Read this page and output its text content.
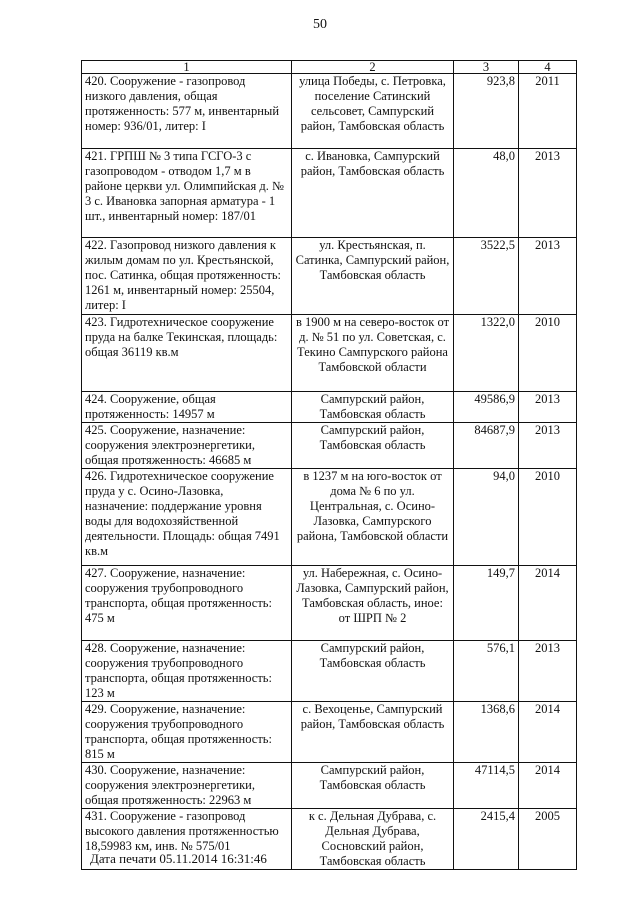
50
1	2	3	4
420. Сооружение - газопровод низкого давления, общая протяженность: 577 м, инвентарный номер: 936/01, литер: I	улица Победы, с. Петровка, поселение Сатинский сельсовет, Сампурский район, Тамбовская область	923,8	2011
421. ГРПШ № 3 типа ГСГО-3 с газопроводом - отводом 1,7 м в районе церкви ул. Олимпийская д. № 3 с. Ивановка запорная арматура - 1 шт., инвентарный номер: 187/01	с. Ивановка, Сампурский район, Тамбовская область	48,0	2013
422. Газопровод низкого давления к жилым домам по ул. Крестьянской, пос. Сатинка, общая протяженность: 1261 м, инвентарный номер: 25504, литер: I	ул. Крестьянская, п. Сатинка, Сампурский район, Тамбовская область	3522,5	2013
423. Гидротехническое сооружение пруда на балке Текинская, площадь: общая 36119 кв.м	в 1900 м на северо-восток от д. № 51 по ул. Советская, с. Текино Сампурского района Тамбовской области	1322,0	2010
424. Сооружение, общая протяженность: 14957 м	Сампурский район, Тамбовская область	49586,9	2013
425. Сооружение, назначение: сооружения электроэнергетики, общая протяженность: 46685 м	Сампурский район, Тамбовская область	84687,9	2013
426. Гидротехническое сооружение пруда у с. Осино-Лазовка, назначение: поддержание уровня воды для водохозяйственной деятельности. Площадь: общая 7491 кв.м	в 1237 м на юго-восток от дома № 6 по ул. Центральная, с. Осино-Лазовка, Сампурского района, Тамбовской области	94,0	2010
427. Сооружение, назначение: сооружения трубопроводного транспорта, общая протяженность: 475 м	ул. Набережная, с. Осино-Лазовка, Сампурский район, Тамбовская область, иное: от ШРП № 2	149,7	2014
428. Сооружение, назначение: сооружения трубопроводного транспорта, общая протяженность: 123 м	Сампурский район, Тамбовская область	576,1	2013
429. Сооружение, назначение: сооружения трубопроводного транспорта, общая протяженность: 815 м	с. Вехоценье, Сампурский район, Тамбовская область	1368,6	2014
430. Сооружение, назначение: сооружения электроэнергетики, общая протяженность: 22963 м	Сампурский район, Тамбовская область	47114,5	2014
431. Сооружение - газопровод высокого давления протяженностью 18,59983 км, инв. № 575/01	к с. Дельная Дубрава, с. Дельная Дубрава, Сосновский район, Тамбовская область	2415,4	2005
Дата печати 05.11.2014 16:31:46
